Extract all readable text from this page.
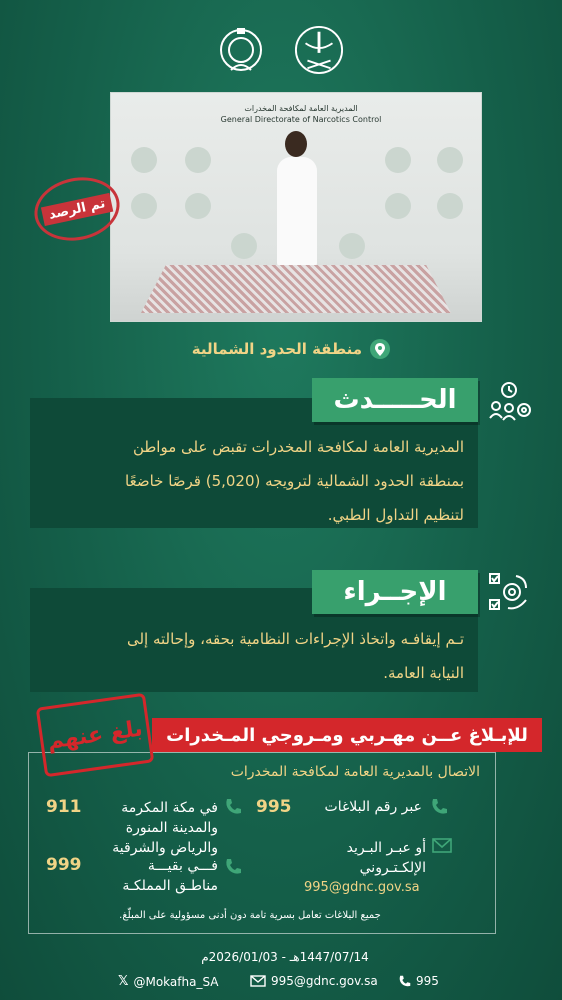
المديرية العامة لمكافحة المخدرات
General Directorate of Narcotics Control
تم الرصد
منطقة الحدود الشمالية
المديرية العامة لمكافحة المخدرات تقبض على مواطن
بمنطقة الحدود الشمالية لترويجه (5,020) قرصًا خاضعًا
لتنظيم التداول الطبي.
الحـــــدث
تـم إيقافـه واتخاذ الإجراءات النظامية بحقه، وإحالته إلى
النيابة العامة.
الإجــراء
بلغ عنهم	للإبـلاغ عــن مهـربي ومـروجي المـخدرات
الاتصال بالمديرية العامة لمكافحة المخدرات
عبر رقم البلاغات
995
في مكة المكرمة
والمدينة المنورة
والرياض والشرقية
911
فـــي بقيـــة
مناطـق المملكـة
999
أو عبـر البـريد
الإلكـتـروني
995@gdnc.gov.sa
جميع البلاغات تعامل بسرية تامة دون أدنى مسؤولية على المبلّغ.
1447/07/14هـ - 2026/01/03م
𝕏 @Mokafha_SA	995@gdnc.gov.sa	995
